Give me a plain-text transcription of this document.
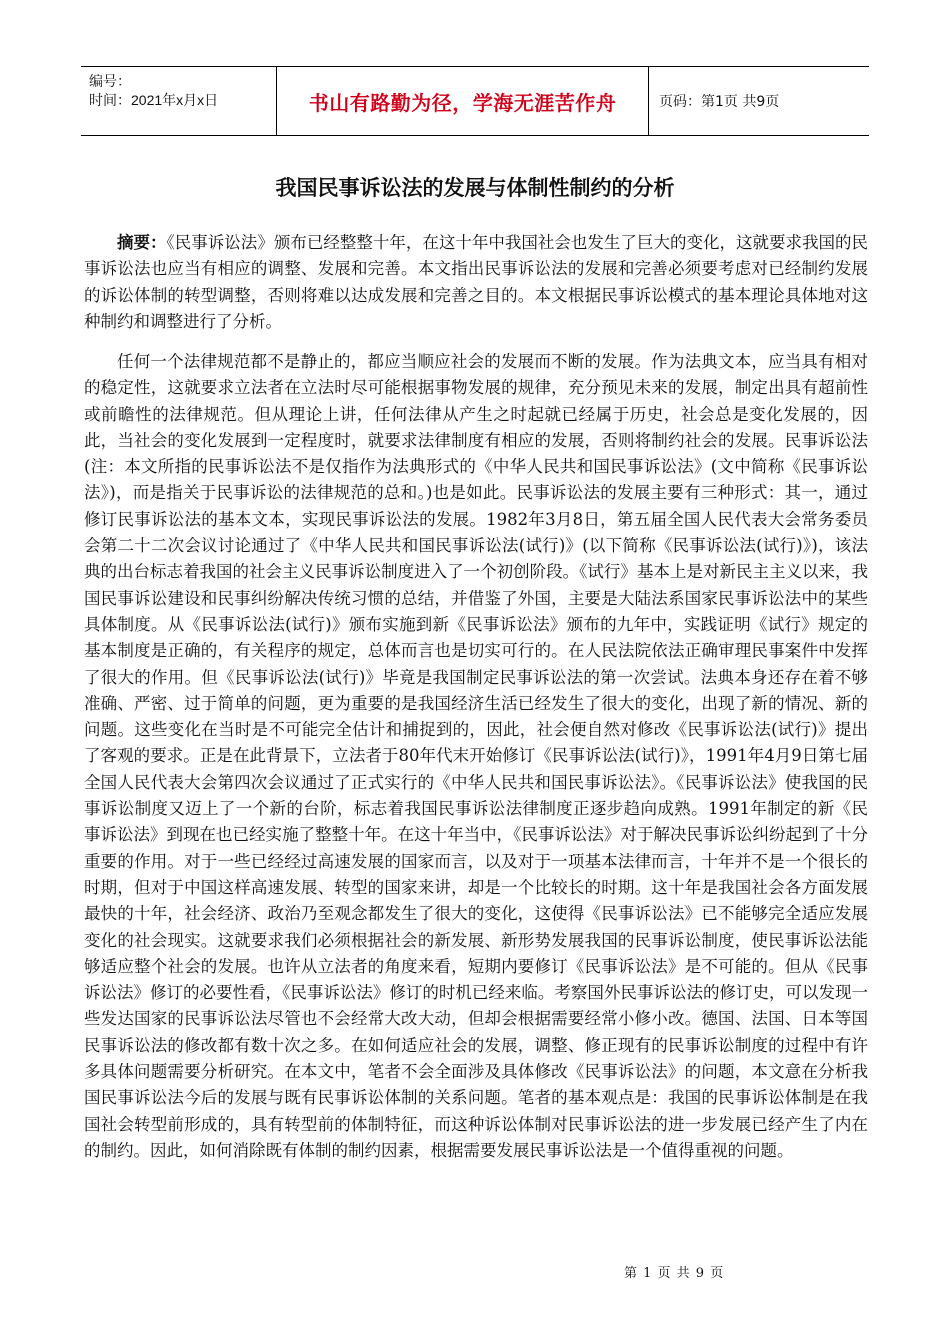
编号：
时间：2021年x月x日	书山有路勤为径，学海无涯苦作舟	页码：第1页 共9页
我国民事诉讼法的发展与体制性制约的分析

摘要：《民事诉讼法》颁布已经整整十年，在这十年中我国社会也发生了巨大的变化，这就要求我国的民事诉讼法也应当有相应的调整、发展和完善。本文指出民事诉讼法的发展和完善必须要考虑对已经制约发展的诉讼体制的转型调整，否则将难以达成发展和完善之目的。本文根据民事诉讼模式的基本理论具体地对这种制约和调整进行了分析。

任何一个法律规范都不是静止的，都应当顺应社会的发展而不断的发展。作为法典文本，应当具有相对的稳定性，这就要求立法者在立法时尽可能根据事物发展的规律，充分预见未来的发展，制定出具有超前性或前瞻性的法律规范。但从理论上讲，任何法律从产生之时起就已经属于历史，社会总是变化发展的，因此，当社会的变化发展到一定程度时，就要求法律制度有相应的发展，否则将制约社会的发展。民事诉讼法(注：本文所指的民事诉讼法不是仅指作为法典形式的《中华人民共和国民事诉讼法》(文中简称《民事诉讼法》)，而是指关于民事诉讼的法律规范的总和。)也是如此。民事诉讼法的发展主要有三种形式：其一，通过修订民事诉讼法的基本文本，实现民事诉讼法的发展。1982年3月8日，第五届全国人民代表大会常务委员会第二十二次会议讨论通过了《中华人民共和国民事诉讼法(试行)》(以下简称《民事诉讼法(试行)》)，该法典的出台标志着我国的社会主义民事诉讼制度进入了一个初创阶段。《试行》基本上是对新民主主义以来，我国民事诉讼建设和民事纠纷解决传统习惯的总结，并借鉴了外国，主要是大陆法系国家民事诉讼法中的某些具体制度。从《民事诉讼法(试行)》颁布实施到新《民事诉讼法》颁布的九年中，实践证明《试行》规定的基本制度是正确的，有关程序的规定，总体而言也是切实可行的。在人民法院依法正确审理民事案件中发挥了很大的作用。但《民事诉讼法(试行)》毕竟是我国制定民事诉讼法的第一次尝试。法典本身还存在着不够准确、严密、过于简单的问题，更为重要的是我国经济生活已经发生了很大的变化，出现了新的情况、新的问题。这些变化在当时是不可能完全估计和捕捉到的，因此，社会便自然对修改《民事诉讼法(试行)》提出了客观的要求。正是在此背景下，立法者于80年代末开始修订《民事诉讼法(试行)》，1991年4月9日第七届全国人民代表大会第四次会议通过了正式实行的《中华人民共和国民事诉讼法》。《民事诉讼法》使我国的民事诉讼制度又迈上了一个新的台阶，标志着我国民事诉讼法律制度正逐步趋向成熟。1991年制定的新《民事诉讼法》到现在也已经实施了整整十年。在这十年当中，《民事诉讼法》对于解决民事诉讼纠纷起到了十分重要的作用。对于一些已经经过高速发展的国家而言，以及对于一项基本法律而言，十年并不是一个很长的时期，但对于中国这样高速发展、转型的国家来讲，却是一个比较长的时期。这十年是我国社会各方面发展最快的十年，社会经济、政治乃至观念都发生了很大的变化，这使得《民事诉讼法》已不能够完全适应发展变化的社会现实。这就要求我们必须根据社会的新发展、新形势发展我国的民事诉讼制度，使民事诉讼法能够适应整个社会的发展。也许从立法者的角度来看，短期内要修订《民事诉讼法》是不可能的。但从《民事诉讼法》修订的必要性看，《民事诉讼法》修订的时机已经来临。考察国外民事诉讼法的修订史，可以发现一些发达国家的民事诉讼法尽管也不会经常大改大动，但却会根据需要经常小修小改。德国、法国、日本等国民事诉讼法的修改都有数十次之多。在如何适应社会的发展，调整、修正现有的民事诉讼制度的过程中有许多具体问题需要分析研究。在本文中，笔者不会全面涉及具体修改《民事诉讼法》的问题，本文意在分析我国民事诉讼法今后的发展与既有民事诉讼体制的关系问题。笔者的基本观点是：我国的民事诉讼体制是在我国社会转型前形成的，具有转型前的体制特征，而这种诉讼体制对民事诉讼法的进一步发展已经产生了内在的制约。因此，如何消除既有体制的制约因素，根据需要发展民事诉讼法是一个值得重视的问题。

第 1 页 共 9 页
